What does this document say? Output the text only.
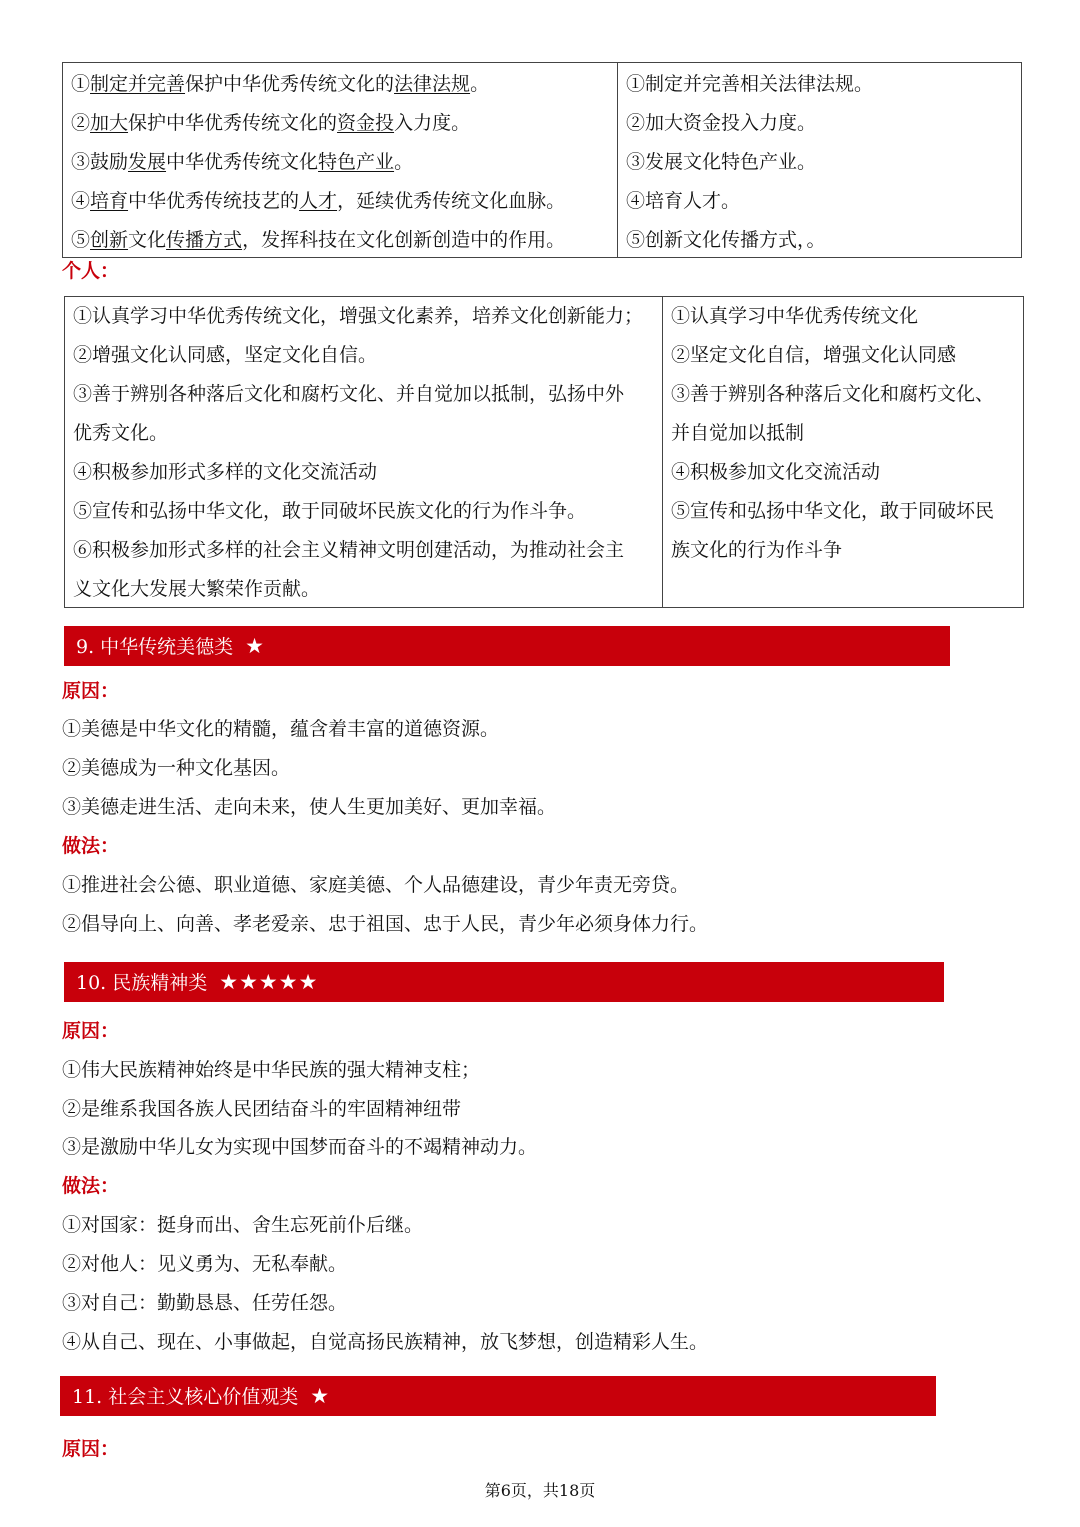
①制定并完善保护中华优秀传统文化的法律法规。
②加大保护中华优秀传统文化的资金投入力度。
③鼓励发展中华优秀传统文化特色产业。
④培育中华优秀传统技艺的人才，延续优秀传统文化血脉。
⑤创新文化传播方式，发挥科技在文化创新创造中的作用。
①制定并完善相关法律法规。
②加大资金投入力度。
③发展文化特色产业。
④培育人才。
⑤创新文化传播方式，。
个人：
①认真学习中华优秀传统文化，增强文化素养，培养文化创新能力；
②增强文化认同感，坚定文化自信。
③善于辨别各种落后文化和腐朽文化、并自觉加以抵制，弘扬中外
优秀文化。
④积极参加形式多样的文化交流活动
⑤宣传和弘扬中华文化，敢于同破坏民族文化的行为作斗争。
⑥积极参加形式多样的社会主义精神文明创建活动，为推动社会主
义文化大发展大繁荣作贡献。
①认真学习中华优秀传统文化
②坚定文化自信，增强文化认同感
③善于辨别各种落后文化和腐朽文化、
并自觉加以抵制
④积极参加文化交流活动
⑤宣传和弘扬中华文化，敢于同破坏民
族文化的行为作斗争
9. 中华传统美德类 ★
原因：
①美德是中华文化的精髓，蕴含着丰富的道德资源。
②美德成为一种文化基因。
③美德走进生活、走向未来，使人生更加美好、更加幸福。
做法：
①推进社会公德、职业道德、家庭美德、个人品德建设，青少年责无旁贷。
②倡导向上、向善、孝老爱亲、忠于祖国、忠于人民，青少年必须身体力行。
10. 民族精神类 ★★★★★
原因：
①伟大民族精神始终是中华民族的强大精神支柱；
②是维系我国各族人民团结奋斗的牢固精神纽带
③是激励中华儿女为实现中国梦而奋斗的不竭精神动力。
做法：
①对国家：挺身而出、舍生忘死前仆后继。
②对他人：见义勇为、无私奉献。
③对自己：勤勤恳恳、任劳任怨。
④从自己、现在、小事做起，自觉高扬民族精神，放飞梦想，创造精彩人生。
11. 社会主义核心价值观类 ★
原因：
第6页，共18页
